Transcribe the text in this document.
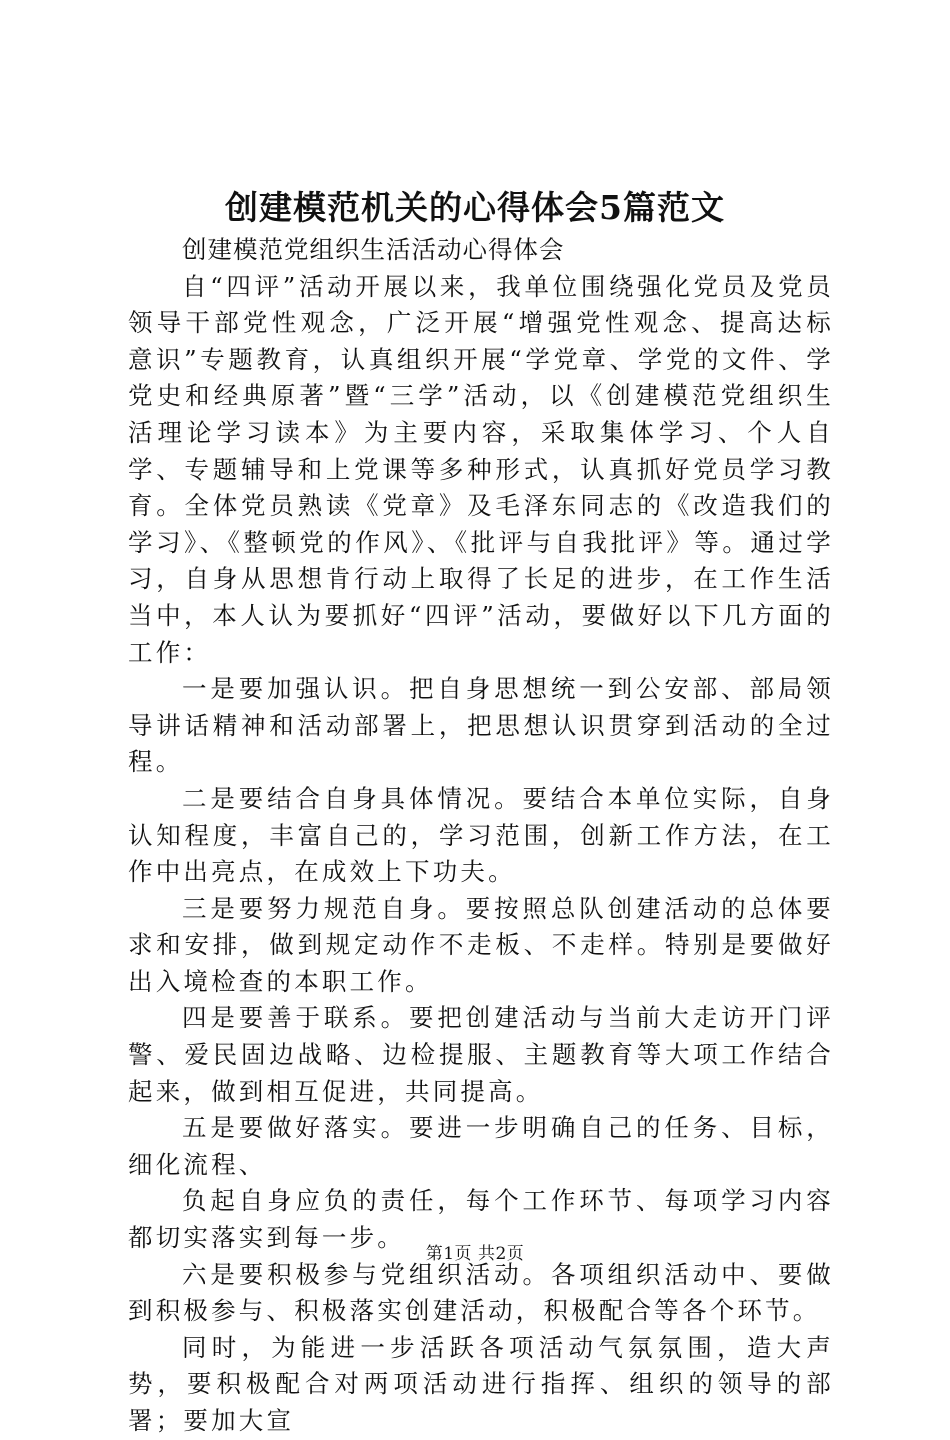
创建模范机关的心得体会5篇范文

创建模范党组织生活活动心得体会

自“四评”活动开展以来，我单位围绕强化党员及党员领导干部党性观念，广泛开展“增强党性观念、提高达标意识”专题教育，认真组织开展“学党章、学党的文件、学党史和经典原著”暨“三学”活动，以《创建模范党组织生活理论学习读本》为主要内容，采取集体学习、个人自学、专题辅导和上党课等多种形式，认真抓好党员学习教育。全体党员熟读《党章》及毛泽东同志的《改造我们的学习》、《整顿党的作风》、《批评与自我批评》等。通过学习，自身从思想肯行动上取得了长足的进步，在工作生活当中，本人认为要抓好“四评”活动，要做好以下几方面的工作：

一是要加强认识。把自身思想统一到公安部、部局领导讲话精神和活动部署上，把思想认识贯穿到活动的全过程。

二是要结合自身具体情况。要结合本单位实际，自身认知程度，丰富自己的，学习范围，创新工作方法，在工作中出亮点，在成效上下功夫。

三是要努力规范自身。要按照总队创建活动的总体要求和安排，做到规定动作不走板、不走样。特别是要做好出入境检查的本职工作。

四是要善于联系。要把创建活动与当前大走访开门评警、爱民固边战略、边检提服、主题教育等大项工作结合起来，做到相互促进，共同提高。

五是要做好落实。要进一步明确自己的任务、目标，细化流程、

负起自身应负的责任，每个工作环节、每项学习内容都切实落实到每一步。

六是要积极参与党组织活动。各项组织活动中、要做到积极参与、积极落实创建活动，积极配合等各个环节。

同时，为能进一步活跃各项活动气氛氛围，造大声势，要积极配合对两项活动进行指挥、组织的领导的部署；要加大宣

第1页 共2页
